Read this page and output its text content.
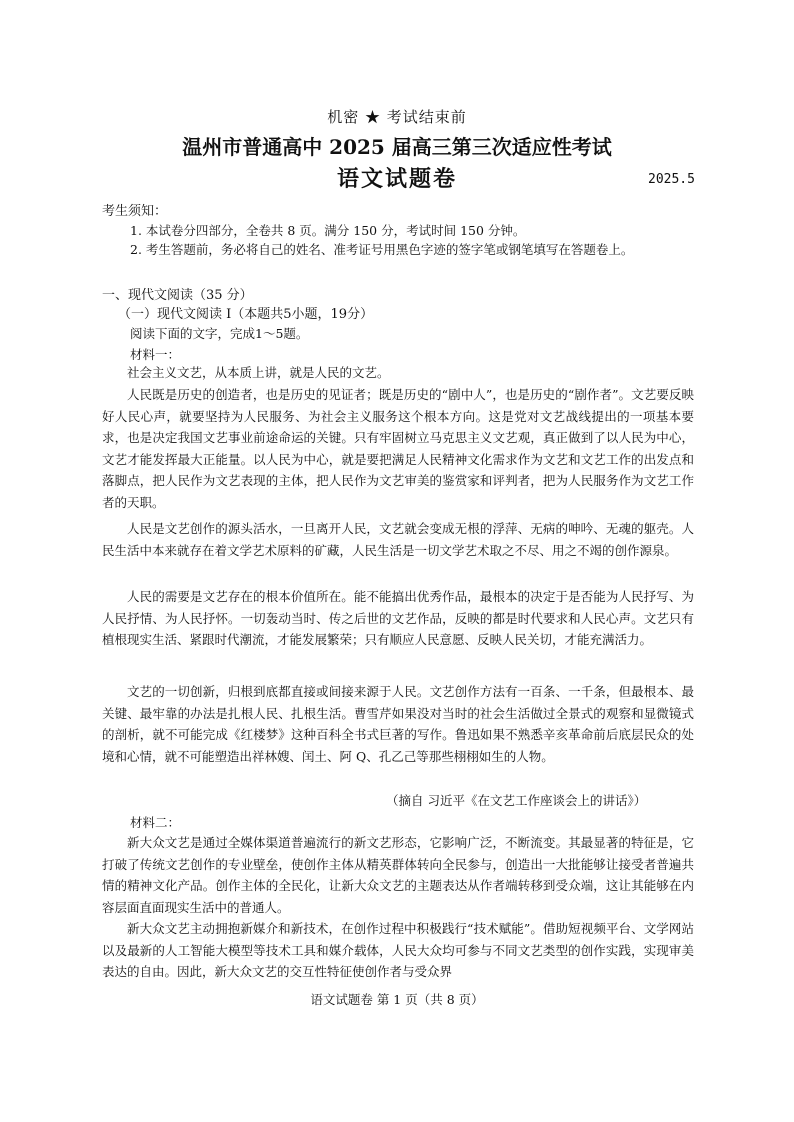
机密 ★ 考试结束前
温州市普通高中 2025 届高三第三次适应性考试
语文试题卷	2025.5
考生须知：
1. 本试卷分四部分，全卷共 8 页。满分 150 分，考试时间 150 分钟。
2. 考生答题前，务必将自己的姓名、准考证号用黑色字迹的签字笔或钢笔填写在答题卷上。
一、现代文阅读（35 分）
（一）现代文阅读 I（本题共5小题，19分）
阅读下面的文字，完成1～5题。
材料一：
社会主义文艺，从本质上讲，就是人民的文艺。
人民既是历史的创造者，也是历史的见证者；既是历史的“剧中人”，也是历史的“剧作者”。文艺要反映好人民心声，就要坚持为人民服务、为社会主义服务这个根本方向。这是党对文艺战线提出的一项基本要求，也是决定我国文艺事业前途命运的关键。只有牢固树立马克思主义文艺观，真正做到了以人民为中心，文艺才能发挥最大正能量。以人民为中心，就是要把满足人民精神文化需求作为文艺和文艺工作的出发点和落脚点，把人民作为文艺表现的主体，把人民作为文艺审美的鉴赏家和评判者，把为人民服务作为文艺工作者的天职。
人民是文艺创作的源头活水，一旦离开人民，文艺就会变成无根的浮萍、无病的呻吟、无魂的躯壳。人民生活中本来就存在着文学艺术原料的矿藏，人民生活是一切文学艺术取之不尽、用之不竭的创作源泉。
人民的需要是文艺存在的根本价值所在。能不能搞出优秀作品，最根本的决定于是否能为人民抒写、为人民抒情、为人民抒怀。一切轰动当时、传之后世的文艺作品，反映的都是时代要求和人民心声。文艺只有植根现实生活、紧跟时代潮流，才能发展繁荣；只有顺应人民意愿、反映人民关切，才能充满活力。
文艺的一切创新，归根到底都直接或间接来源于人民。文艺创作方法有一百条、一千条，但最根本、最关键、最牢靠的办法是扎根人民、扎根生活。曹雪芹如果没对当时的社会生活做过全景式的观察和显微镜式的剖析，就不可能完成《红楼梦》这种百科全书式巨著的写作。鲁迅如果不熟悉辛亥革命前后底层民众的处境和心情，就不可能塑造出祥林嫂、闰土、阿 Q、孔乙己等那些栩栩如生的人物。
（摘自 习近平《在文艺工作座谈会上的讲话》）
材料二：
新大众文艺是通过全媒体渠道普遍流行的新文艺形态，它影响广泛，不断流变。其最显著的特征是，它打破了传统文艺创作的专业壁垒，使创作主体从精英群体转向全民参与，创造出一大批能够让接受者普遍共情的精神文化产品。创作主体的全民化，让新大众文艺的主题表达从作者端转移到受众端，这让其能够在内容层面直面现实生活中的普通人。
新大众文艺主动拥抱新媒介和新技术，在创作过程中积极践行“技术赋能”。借助短视频平台、文学网站以及最新的人工智能大模型等技术工具和媒介载体，人民大众均可参与不同文艺类型的创作实践，实现审美表达的自由。因此，新大众文艺的交互性特征使创作者与受众界
语文试题卷 第 1 页（共 8 页）
